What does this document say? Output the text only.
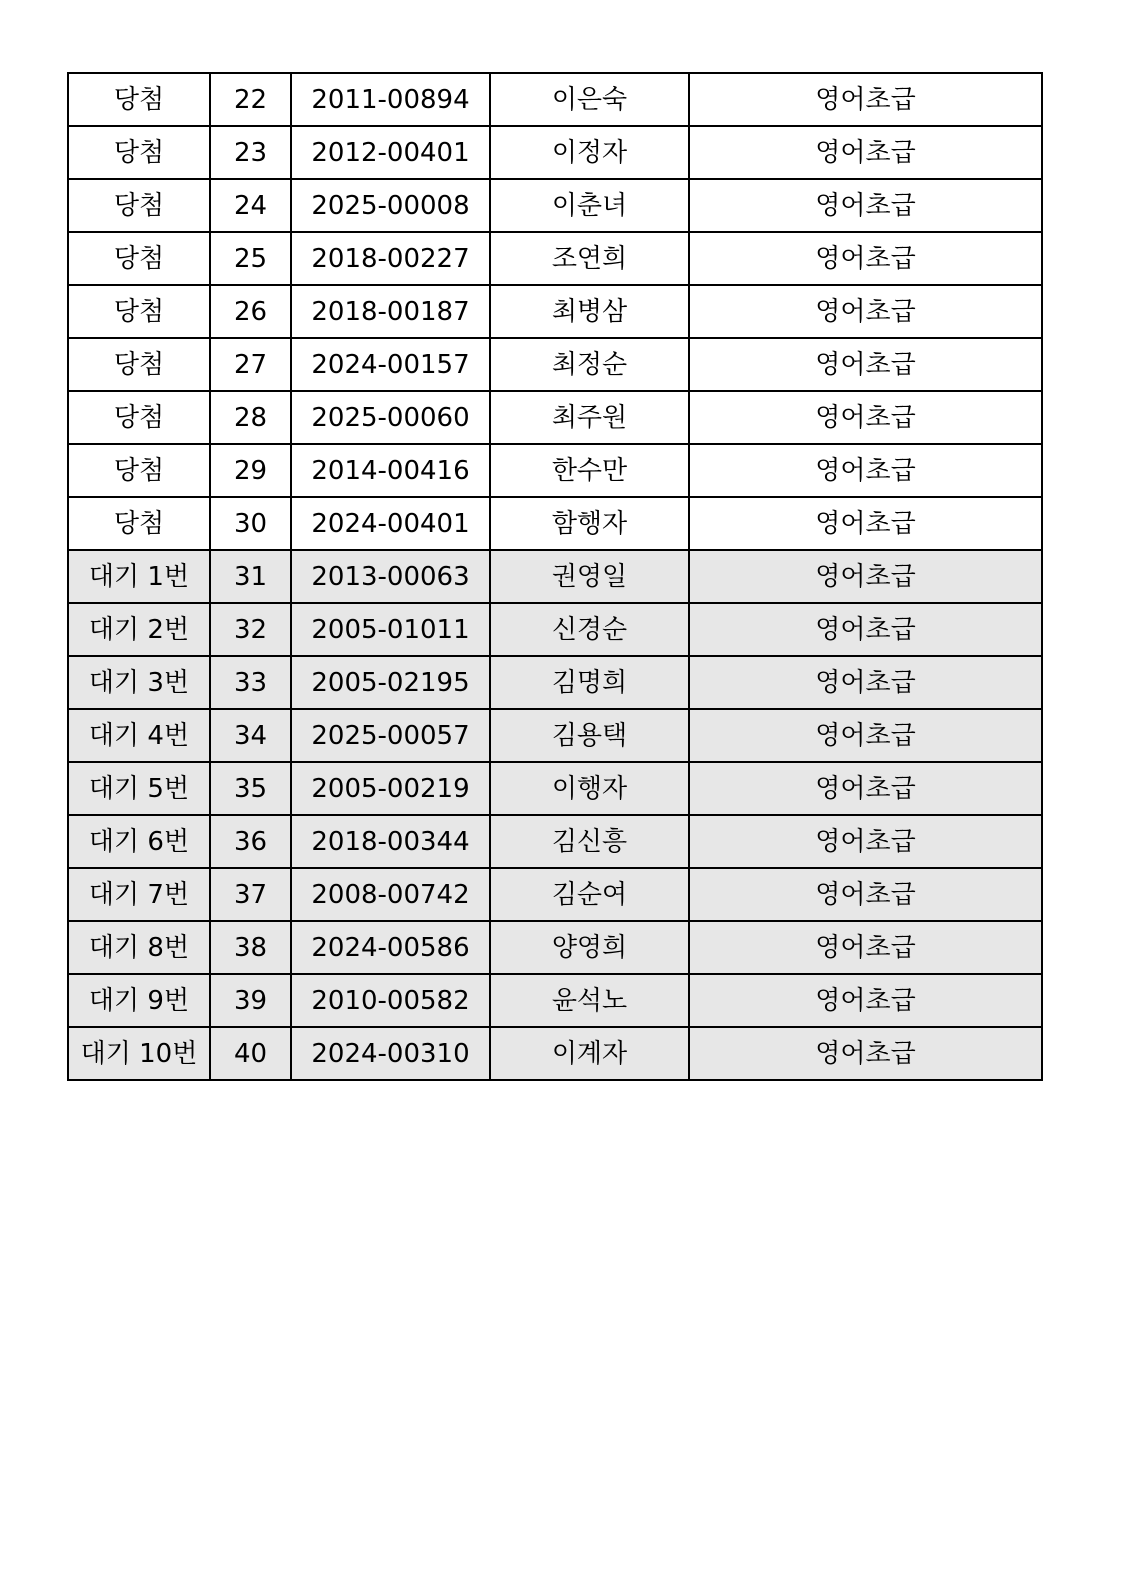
당첨	22	2011-00894	이은숙	영어초급
당첨	23	2012-00401	이정자	영어초급
당첨	24	2025-00008	이춘녀	영어초급
당첨	25	2018-00227	조연희	영어초급
당첨	26	2018-00187	최병삼	영어초급
당첨	27	2024-00157	최정순	영어초급
당첨	28	2025-00060	최주원	영어초급
당첨	29	2014-00416	한수만	영어초급
당첨	30	2024-00401	함행자	영어초급
대기 1번	31	2013-00063	권영일	영어초급
대기 2번	32	2005-01011	신경순	영어초급
대기 3번	33	2005-02195	김명희	영어초급
대기 4번	34	2025-00057	김용택	영어초급
대기 5번	35	2005-00219	이행자	영어초급
대기 6번	36	2018-00344	김신흥	영어초급
대기 7번	37	2008-00742	김순여	영어초급
대기 8번	38	2024-00586	양영희	영어초급
대기 9번	39	2010-00582	윤석노	영어초급
대기 10번	40	2024-00310	이계자	영어초급
